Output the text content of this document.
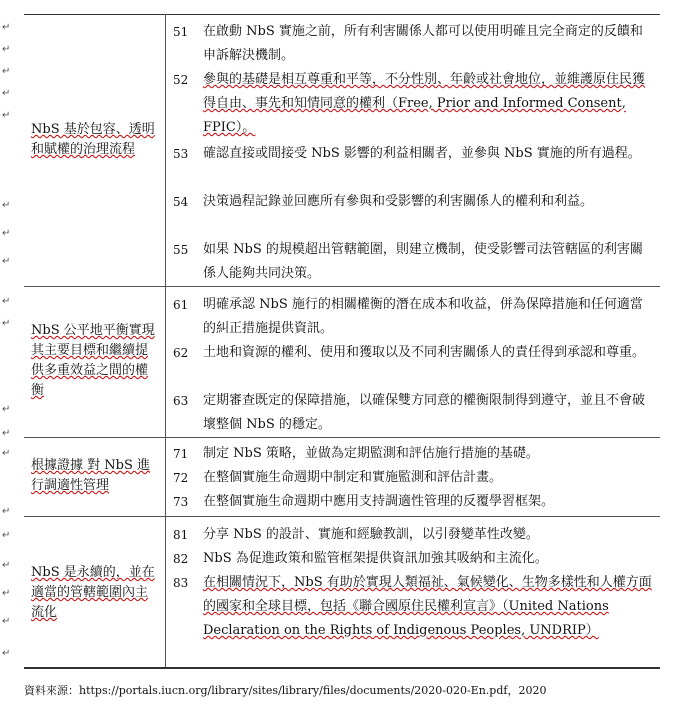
↵
↵
↵
↵
↵
↵
↵
↵
↵
↵
↵
↵
↵
↵
↵
↵
↵
↵
↵
NbS 基於包容、透明和賦權的治理流程
51	在啟動 NbS 實施之前，所有利害關係人都可以使用明確且完全商定的反饋和申訴解決機制。
52	參與的基礎是相互尊重和平等，不分性別、年齡或社會地位，並維護原住民獲得自由、事先和知情同意的權利（Free, Prior and Informed Consent, FPIC）。
53	確認直接或間接受 NbS 影響的利益相關者，並參與 NbS 實施的所有過程。
54	決策過程記錄並回應所有參與和受影響的利害關係人的權利和利益。
55	如果 NbS 的規模超出管轄範圍，則建立機制，使受影響司法管轄區的利害關係人能夠共同決策。
NbS 公平地平衡實現其主要目標和繼續提供多重效益之間的權衡
61	明確承認 NbS 施行的相關權衡的潛在成本和收益，併為保障措施和任何適當的糾正措施提供資訊。
62	土地和資源的權利、使用和獲取以及不同利害關係人的責任得到承認和尊重。
63	定期審查既定的保障措施，以確保雙方同意的權衡限制得到遵守，並且不會破壞整個 NbS 的穩定。
根據證據 對 NbS 進行調適性管理
71	制定 NbS 策略，並做為定期監測和評估施行措施的基礎。
72	在整個實施生命週期中制定和實施監測和評估計畫。
73	在整個實施生命週期中應用支持調適性管理的反覆學習框架。
NbS 是永續的，並在適當的管轄範圍內主流化
81	分享 NbS 的設計、實施和經驗教訓，以引發變革性改變。
82	NbS 為促進政策和監管框架提供資訊加強其吸納和主流化。
83	在相關情況下，NbS 有助於實現人類福祉、氣候變化、生物多樣性和人權方面的國家和全球目標，包括《聯合國原住民權利宣言》（United Nations Declaration on the Rights of Indigenous Peoples, UNDRIP）
資料來源：https://portals.iucn.org/library/sites/library/files/documents/2020-020-En.pdf，2020
